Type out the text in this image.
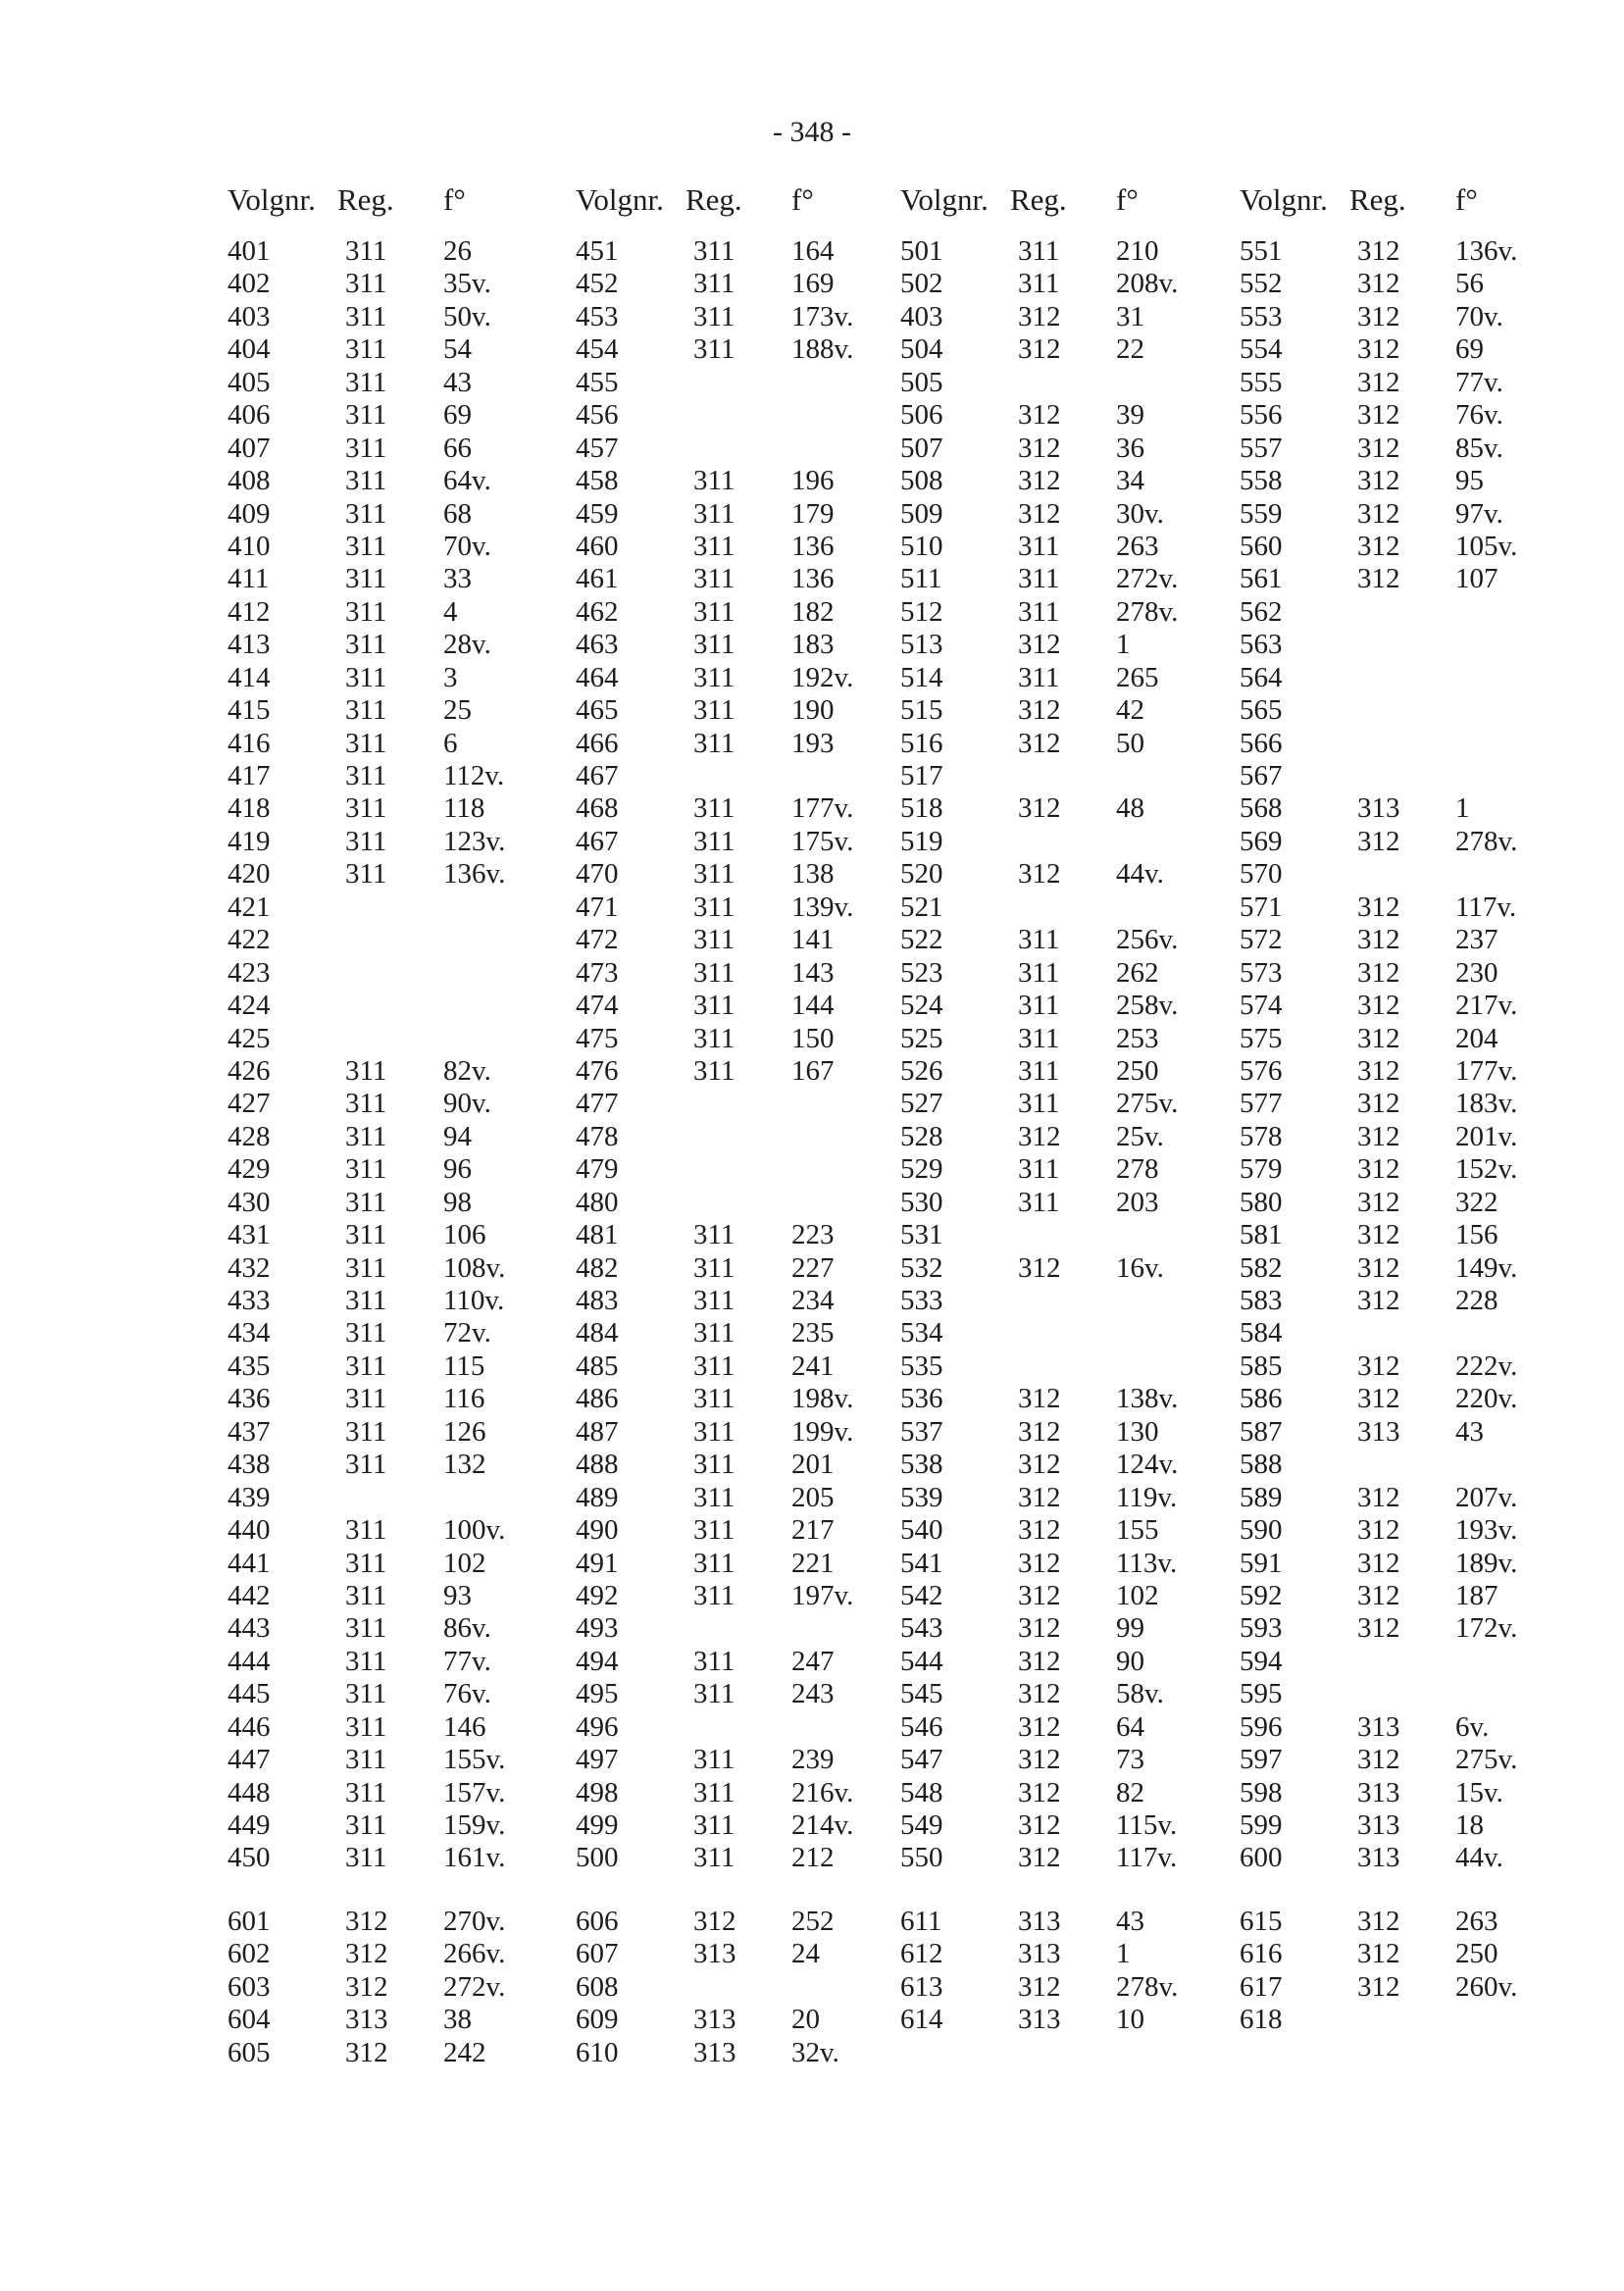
- 348 -
Volgnr. Reg. f°
401	311 26
402	311 35v.
403	311 50v.
404	311 54
405	311 43
406	311 69
407	311 66
408	311 64v.
409	311 68
410	311 70v.
411	311 33
412	311 4
413	311 28v.
414	311 3
415	311 25
416	311 6
417	311 112v.
418	311 118
419	311 123v.
420	311 136v.
421
422
423
424
425
426	311 82v.
427	311 90v.
428	311 94
429	311 96
430	311 98
431	311 106
432	311 108v.
433	311 110v.
434	311 72v.
435	311 115
436	311 116
437	311 126
438	311 132
439
440	311 100v.
441	311 102
442	311 93
443	311 86v.
444	311 77v.
445	311 76v.
446	311 146
447	311 155v.
448	311 157v.
449	311 159v.
450	311 161v.
Volgnr. Reg. f°
451	311 164
452	311 169
453	311 173v.
454	311 188v.
455
456
457
458	311 196
459	311 179
460	311 136
461	311 136
462	311 182
463	311 183
464	311 192v.
465	311 190
466	311 193
467
468	311 177v.
467	311 175v.
470	311 138
471	311 139v.
472	311 141
473	311 143
474	311 144
475	311 150
476	311 167
477
478
479
480
481	311 223
482	311 227
483	311 234
484	311 235
485	311 241
486	311 198v.
487	311 199v.
488	311 201
489	311 205
490	311 217
491	311 221
492	311 197v.
493
494	311 247
495	311 243
496
497	311 239
498	311 216v.
499	311 214v.
500	311 212
Volgnr. Reg. f°
501	311 210
502	311 208v.
403	312 31
504	312 22
505
506	312 39
507	312 36
508	312 34
509	312 30v.
510	311 263
511	311 272v.
512	311 278v.
513	312 1
514	311 265
515	312 42
516	312 50
517
518	312 48
519
520	312 44v.
521
522	311 256v.
523	311 262
524	311 258v.
525	311 253
526	311 250
527	311 275v.
528	312 25v.
529	311 278
530	311 203
531
532	312 16v.
533
534
535
536	312 138v.
537	312 130
538	312 124v.
539	312 119v.
540	312 155
541	312 113v.
542	312 102
543	312 99
544	312 90
545	312 58v.
546	312 64
547	312 73
548	312 82
549	312 115v.
550	312 117v.
Volgnr. Reg. f°
551	312 136v.
552	312 56
553	312 70v.
554	312 69
555	312 77v.
556	312 76v.
557	312 85v.
558	312 95
559	312 97v.
560	312 105v.
561	312 107
562
563
564
565
566
567
568	313 1
569	312 278v.
570
571	312 117v.
572	312 237
573	312 230
574	312 217v.
575	312 204
576	312 177v.
577	312 183v.
578	312 201v.
579	312 152v.
580	312 322
581	312 156
582	312 149v.
583	312 228
584
585	312 222v.
586	312 220v.
587	313 43
588
589	312 207v.
590	312 193v.
591	312 189v.
592	312 187
593	312 172v.
594
595
596	313 6v.
597	312 275v.
598	313 15v.
599	313 18
600	313 44v.
601	312 270v.
602	312 266v.
603	312 272v.
604	313 38
605	312 242
606	312 252
607	313 24
608
609	313 20
610	313 32v.
611	313 43
612	313 1
613	312 278v.
614	313 10
615	312 263
616	312 250
617	312 260v.
618
